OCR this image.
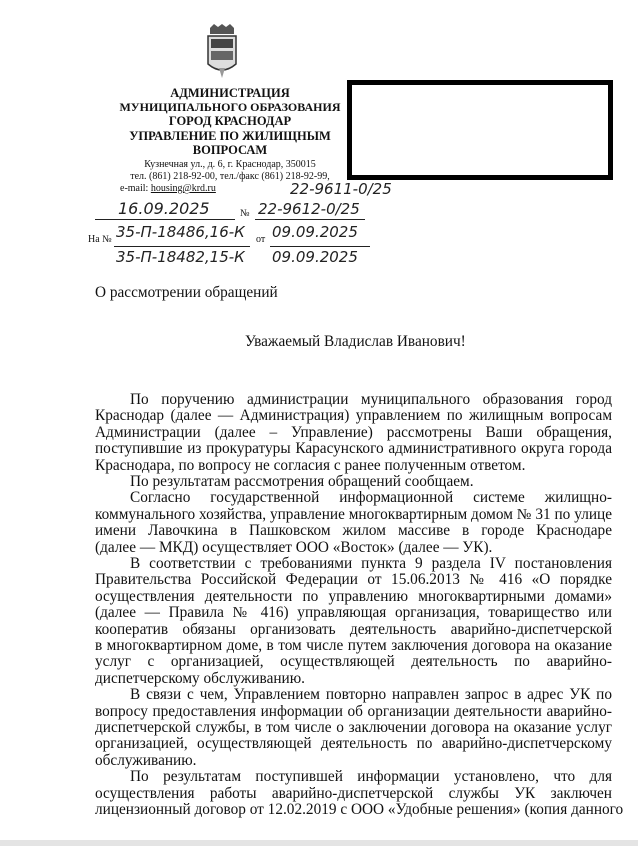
АДМИНИСТРАЦИЯ
МУНИЦИПАЛЬНОГО ОБРАЗОВАНИЯ
ГОРОД КРАСНОДАР
УПРАВЛЕНИЕ ПО ЖИЛИЩНЫМ
ВОПРОСАМ
Кузнечная ул., д. 6, г. Краснодар, 350015
тел. (861) 218-92-00, тел./факс (861) 218-92-99,
e-mail: housing@krd.ru	22-9611-0/25
16.09.2025	№ 22-9612-0/25
На № 35-П-18486,16-К от 09.09.2025
35-П-18482,15-К 09.09.2025
О рассмотрении обращений
Уважаемый Владислав Иванович!
По поручению администрации муниципального образования город
Краснодар (далее — Администрация) управлением по жилищным вопросам
Администрации (далее – Управление) рассмотрены Ваши обращения,
поступившие из прокуратуры Карасунского административного округа города
Краснодара, по вопросу не согласия с ранее полученным ответом.
По результатам рассмотрения обращений сообщаем.
Согласно государственной информационной системе жилищно-
коммунального хозяйства, управление многоквартирным домом № 31 по улице
имени Лавочкина в Пашковском жилом массиве в городе Краснодаре
(далее — МКД) осуществляет ООО «Восток» (далее — УК).
В соответствии с требованиями пункта 9 раздела IV постановления
Правительства Российской Федерации от 15.06.2013 № 416 «О порядке
осуществления деятельности по управлению многоквартирными домами»
(далее — Правила № 416) управляющая организация, товарищество или
кооператив обязаны организовать деятельность аварийно-диспетчерской
в многоквартирном доме, в том числе путем заключения договора на оказание
услуг с организацией, осуществляющей деятельность по аварийно-
диспетчерскому обслуживанию.
В связи с чем, Управлением повторно направлен запрос в адрес УК по
вопросу предоставления информации об организации деятельности аварийно-
диспетчерской службы, в том числе о заключении договора на оказание услуг
организацией, осуществляющей деятельность по аварийно-диспетчерскому
обслуживанию.
По результатам поступившей информации установлено, что для
осуществления работы аварийно-диспетчерской службы УК заключен
лицензионный договор от 12.02.2019 с ООО «Удобные решения» (копия данного
